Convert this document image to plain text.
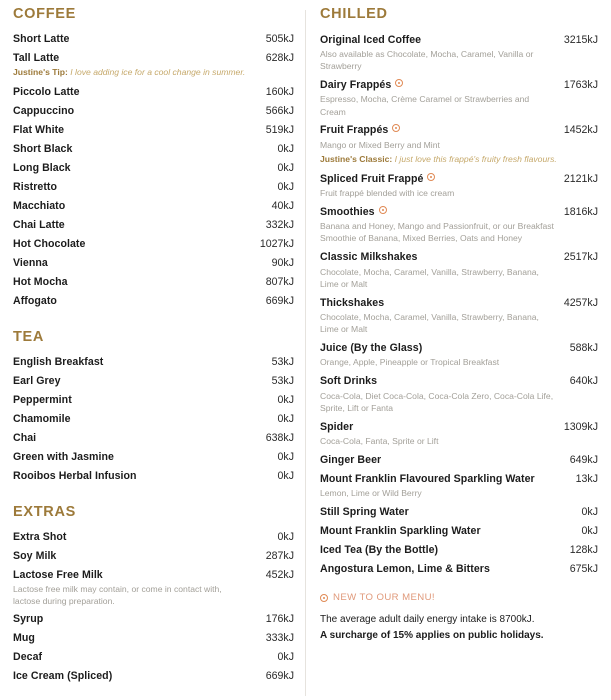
COFFEE
Short Latte	505kJ
Tall Latte	628kJ
Justine's Tip: I love adding ice for a cool change in summer.
Piccolo Latte	160kJ
Cappuccino	566kJ
Flat White	519kJ
Short Black	0kJ
Long Black	0kJ
Ristretto	0kJ
Macchiato	40kJ
Chai Latte	332kJ
Hot Chocolate	1027kJ
Vienna	90kJ
Hot Mocha	807kJ
Affogato	669kJ
TEA
English Breakfast	53kJ
Earl Grey	53kJ
Peppermint	0kJ
Chamomile	0kJ
Chai	638kJ
Green with Jasmine	0kJ
Rooibos Herbal Infusion	0kJ
EXTRAS
Extra Shot	0kJ
Soy Milk	287kJ
Lactose Free Milk	452kJ
Lactose free milk may contain, or come in contact with, lactose during preparation.
Syrup	176kJ
Mug	333kJ
Decaf	0kJ
Ice Cream (Spliced)	669kJ
CHILLED
Original Iced Coffee	3215kJ
Also available as Chocolate, Mocha, Caramel, Vanilla or Strawberry
Dairy Frappés	1763kJ
Espresso, Mocha, Crème Caramel or Strawberries and Cream
Fruit Frappés	1452kJ
Mango or Mixed Berry and Mint
Justine's Classic: I just love this frappé's fruity fresh flavours.
Spliced Fruit Frappé	2121kJ
Fruit frappé blended with ice cream
Smoothies	1816kJ
Banana and Honey, Mango and Passionfruit, or our Breakfast Smoothie of Banana, Mixed Berries, Oats and Honey
Classic Milkshakes	2517kJ
Chocolate, Mocha, Caramel, Vanilla, Strawberry, Banana, Lime or Malt
Thickshakes	4257kJ
Chocolate, Mocha, Caramel, Vanilla, Strawberry, Banana, Lime or Malt
Juice (By the Glass)	588kJ
Orange, Apple, Pineapple or Tropical Breakfast
Soft Drinks	640kJ
Coca-Cola, Diet Coca-Cola, Coca-Cola Zero, Coca-Cola Life, Sprite, Lift or Fanta
Spider	1309kJ
Coca-Cola, Fanta, Sprite or Lift
Ginger Beer	649kJ
Mount Franklin Flavoured Sparkling Water	13kJ
Lemon, Lime or Wild Berry
Still Spring Water	0kJ
Mount Franklin Sparkling Water	0kJ
Iced Tea (By the Bottle)	128kJ
Angostura Lemon, Lime & Bitters	675kJ
NEW TO OUR MENU!
The average adult daily energy intake is 8700kJ.
A surcharge of 15% applies on public holidays.
